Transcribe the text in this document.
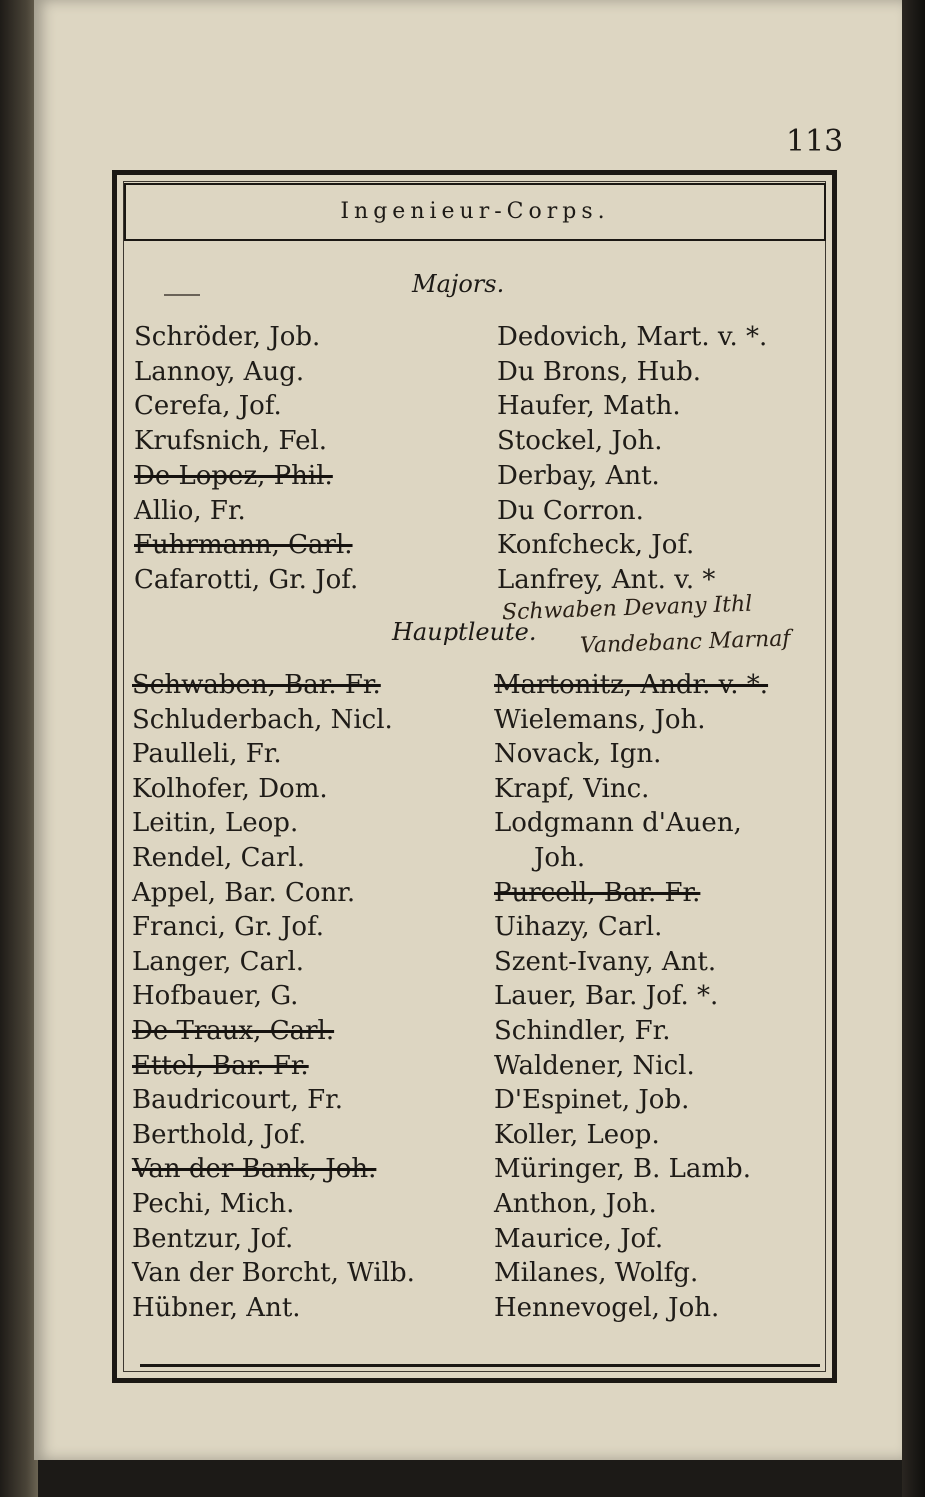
113
Ingenieur-Corps.
Majors.
Schröder, Job.
Lannoy, Aug.
Cerefa, Jof.
Krufsnich, Fel.
De Lopez, Phil.
Allio, Fr.
Fuhrmann, Carl.
Cafarotti, Gr. Jof.
Dedovich, Mart. v. *.
Du Brons, Hub.
Haufer, Math.
Stockel, Joh.
Derbay, Ant.
Du Corron.
Konfcheck, Jof.
Lanfrey, Ant. v. *
Schwaben Devany Ithl
Hauptleute. Vandebanc Marnaf
Schwaben, Bar. Fr.
Schluderbach, Nicl.
Paulleli, Fr.
Kolhofer, Dom.
Leitin, Leop.
Rendel, Carl.
Appel, Bar. Conr.
Franci, Gr. Jof.
Langer, Carl.
Hofbauer, G.
De Traux, Carl.
Ettel, Bar. Fr.
Baudricourt, Fr.
Berthold, Jof.
Van der Bank, Joh.
Pechi, Mich.
Bentzur, Jof.
Van der Borcht, Wilb.
Hübner, Ant.
Martonitz, Andr. v. *.
Wielemans, Joh.
Novack, Ign.
Krapf, Vinc.
Lodgmann d'Auen,
Joh.
Purcell, Bar. Fr.
Uihazy, Carl.
Szent-Ivany, Ant.
Lauer, Bar. Jof. *.
Schindler, Fr.
Waldener, Nicl.
D'Espinet, Job.
Koller, Leop.
Müringer, B. Lamb.
Anthon, Joh.
Maurice, Jof.
Milanes, Wolfg.
Hennevogel, Joh.
